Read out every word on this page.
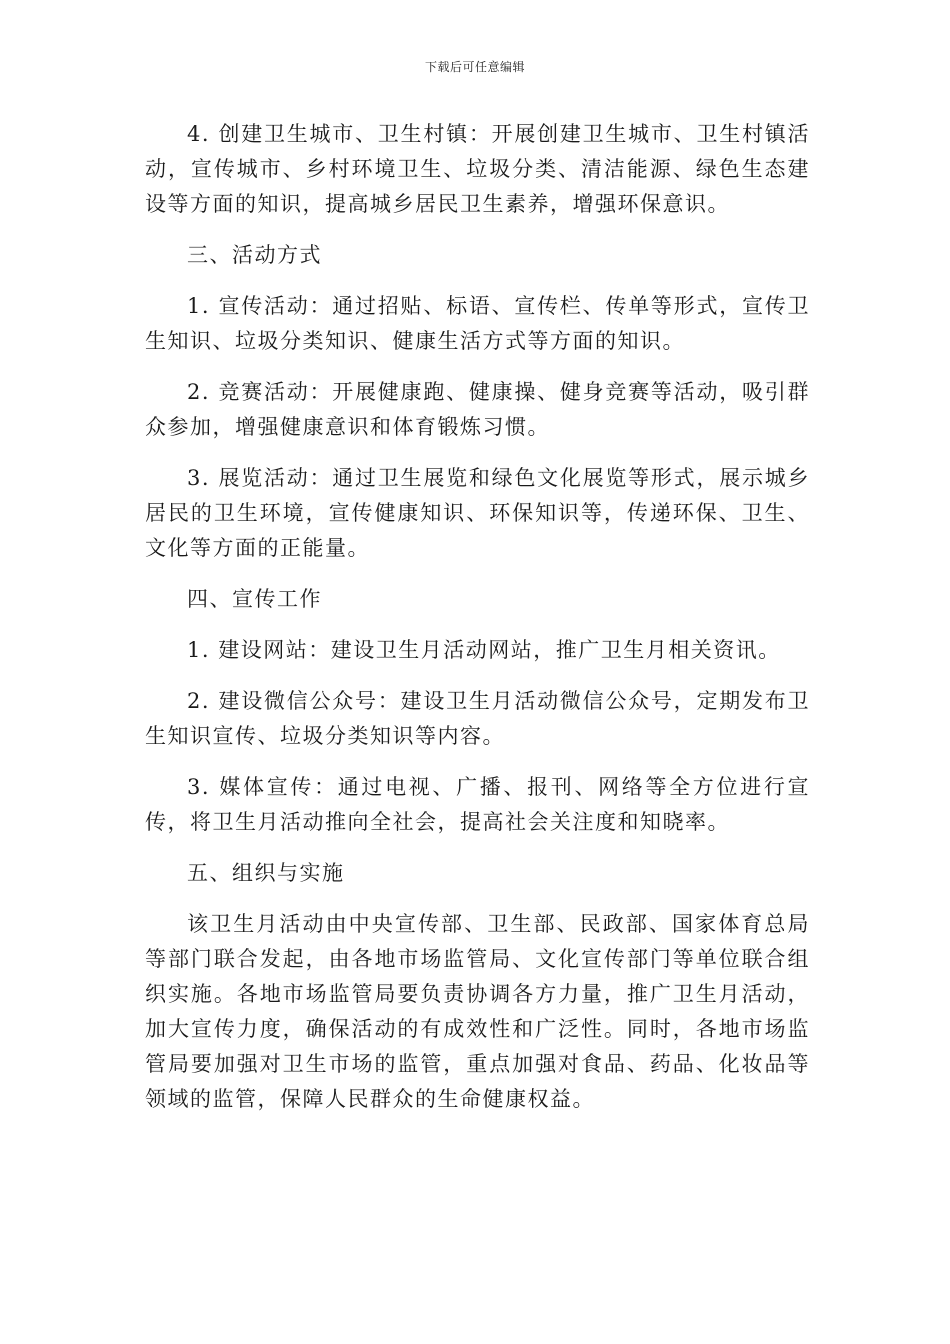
下载后可任意编辑

4. 创建卫生城市、卫生村镇：开展创建卫生城市、卫生村镇活动，宣传城市、乡村环境卫生、垃圾分类、清洁能源、绿色生态建设等方面的知识，提高城乡居民卫生素养，增强环保意识。

三、活动方式

1. 宣传活动：通过招贴、标语、宣传栏、传单等形式，宣传卫生知识、垃圾分类知识、健康生活方式等方面的知识。

2. 竞赛活动：开展健康跑、健康操、健身竞赛等活动，吸引群众参加，增强健康意识和体育锻炼习惯。

3. 展览活动：通过卫生展览和绿色文化展览等形式，展示城乡居民的卫生环境，宣传健康知识、环保知识等，传递环保、卫生、文化等方面的正能量。

四、宣传工作

1. 建设网站：建设卫生月活动网站，推广卫生月相关资讯。

2. 建设微信公众号：建设卫生月活动微信公众号，定期发布卫生知识宣传、垃圾分类知识等内容。

3. 媒体宣传：通过电视、广播、报刊、网络等全方位进行宣传，将卫生月活动推向全社会，提高社会关注度和知晓率。

五、组织与实施

该卫生月活动由中央宣传部、卫生部、民政部、国家体育总局等部门联合发起，由各地市场监管局、文化宣传部门等单位联合组织实施。各地市场监管局要负责协调各方力量，推广卫生月活动，加大宣传力度，确保活动的有成效性和广泛性。同时，各地市场监管局要加强对卫生市场的监管，重点加强对食品、药品、化妆品等领域的监管，保障人民群众的生命健康权益。
